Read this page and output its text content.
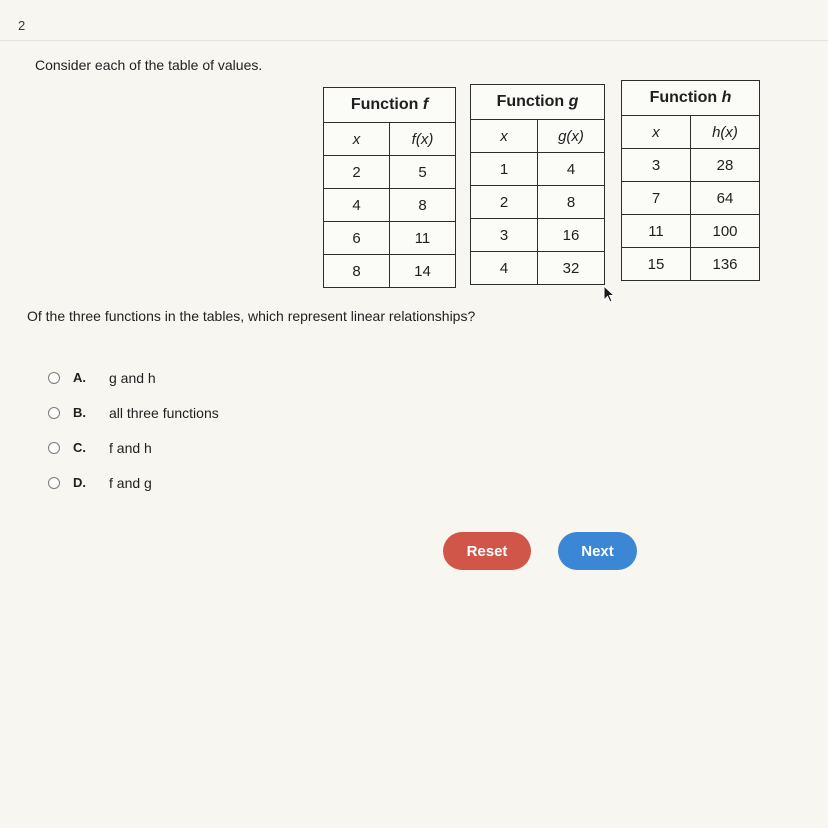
2
Consider each of the table of values.
Function f	
x	f(x)
2	5
4	8
6	11
8	14
Function g	
x	g(x)
1	4
2	8
3	16
4	32
Function h	
x	h(x)
3	28
7	64
11	100
15	136
Of the three functions in the tables, which represent linear relationships?
A.	g and h
B.	all three functions
C.	f and h
D.	f and g
Reset	Next
